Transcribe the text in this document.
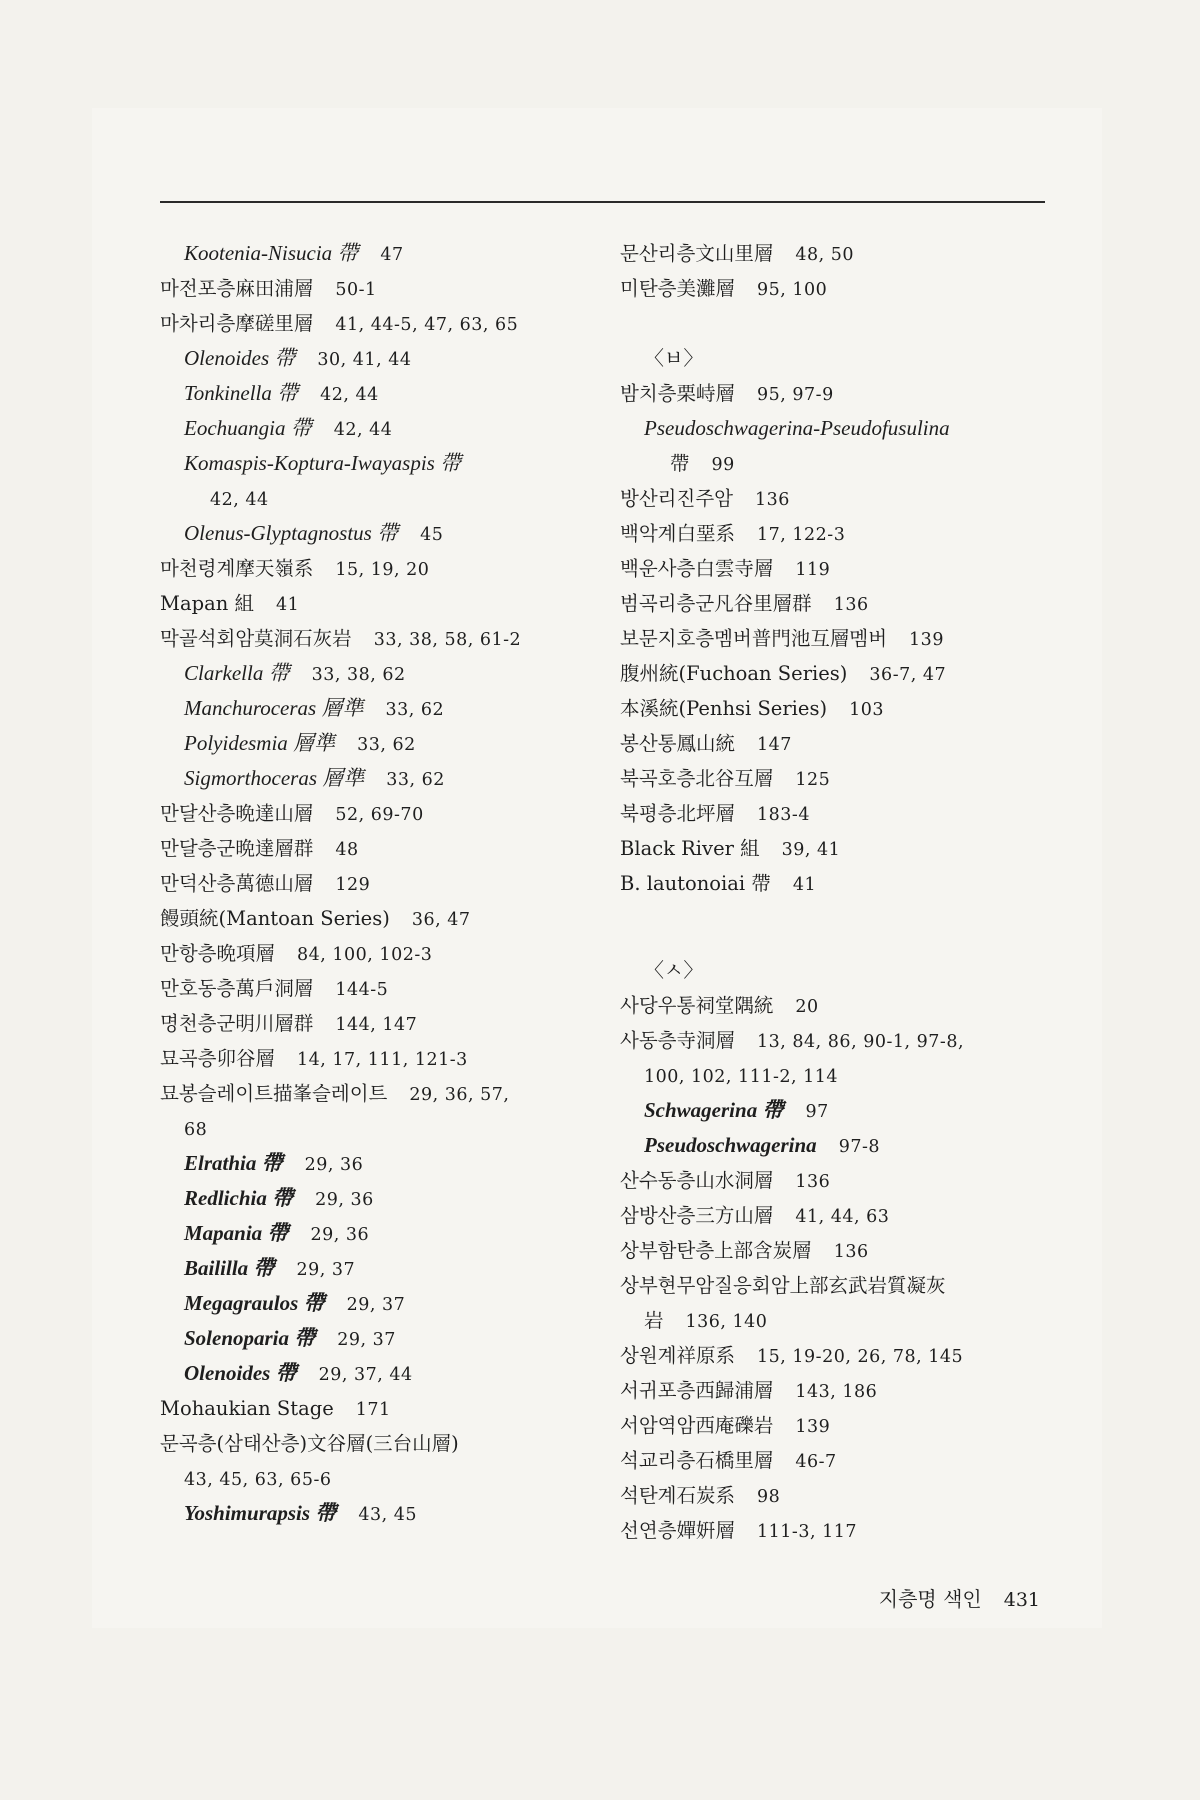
Kootenia-Nisucia 帶 47
마전포층麻田浦層 50-1
마차리층摩磋里層 41, 44-5, 47, 63, 65
Olenoides 帶 30, 41, 44
Tonkinella 帶 42, 44
Eochuangia 帶 42, 44
Komaspis-Koptura-Iwayaspis 帶
42, 44
Olenus-Glyptagnostus 帶 45
마천령계摩天嶺系 15, 19, 20
Mapan 組 41
막골석회암莫洞石灰岩 33, 38, 58, 61-2
Clarkella 帶 33, 38, 62
Manchuroceras 層準 33, 62
Polyidesmia 層準 33, 62
Sigmorthoceras 層準 33, 62
만달산층晩達山層 52, 69-70
만달층군晩達層群 48
만덕산층萬德山層 129
饅頭統(Mantoan Series) 36, 47
만항층晩項層 84, 100, 102-3
만호동층萬戶洞層 144-5
명천층군明川層群 144, 147
묘곡층卯谷層 14, 17, 111, 121-3
묘봉슬레이트描峯슬레이트 29, 36, 57,
68
Elrathia 帶 29, 36
Redlichia 帶 29, 36
Mapania 帶 29, 36
Baililla 帶 29, 37
Megagraulos 帶 29, 37
Solenoparia 帶 29, 37
Olenoides 帶 29, 37, 44
Mohaukian Stage 171
문곡층(삼태산층)文谷層(三台山層)
43, 45, 63, 65-6
Yoshimurapsis 帶 43, 45
문산리층文山里層 48, 50
미탄층美灘層 95, 100
〈ㅂ〉
밤치층栗峙層 95, 97-9
Pseudoschwagerina-Pseudofusulina
帶 99
방산리진주암 136
백악계白堊系 17, 122-3
백운사층白雲寺層 119
범곡리층군凡谷里層群 136
보문지호층멤버普門池互層멤버 139
腹州統(Fuchoan Series) 36-7, 47
本溪統(Penhsi Series) 103
봉산통鳳山統 147
북곡호층北谷互層 125
북평층北坪層 183-4
Black River 組 39, 41
B. lautonoiai 帶 41
〈ㅅ〉
사당우통祠堂隅統 20
사동층寺洞層 13, 84, 86, 90-1, 97-8,
100, 102, 111-2, 114
Schwagerina 帶 97
Pseudoschwagerina 97-8
산수동층山水洞層 136
삼방산층三方山層 41, 44, 63
상부함탄층上部含炭層 136
상부현무암질응회암上部玄武岩質凝灰
岩 136, 140
상원계祥原系 15, 19-20, 26, 78, 145
서귀포층西歸浦層 143, 186
서암역암西庵礫岩 139
석교리층石橋里層 46-7
석탄계石炭系 98
선연층嬋姸層 111-3, 117
지층명 색인 431
